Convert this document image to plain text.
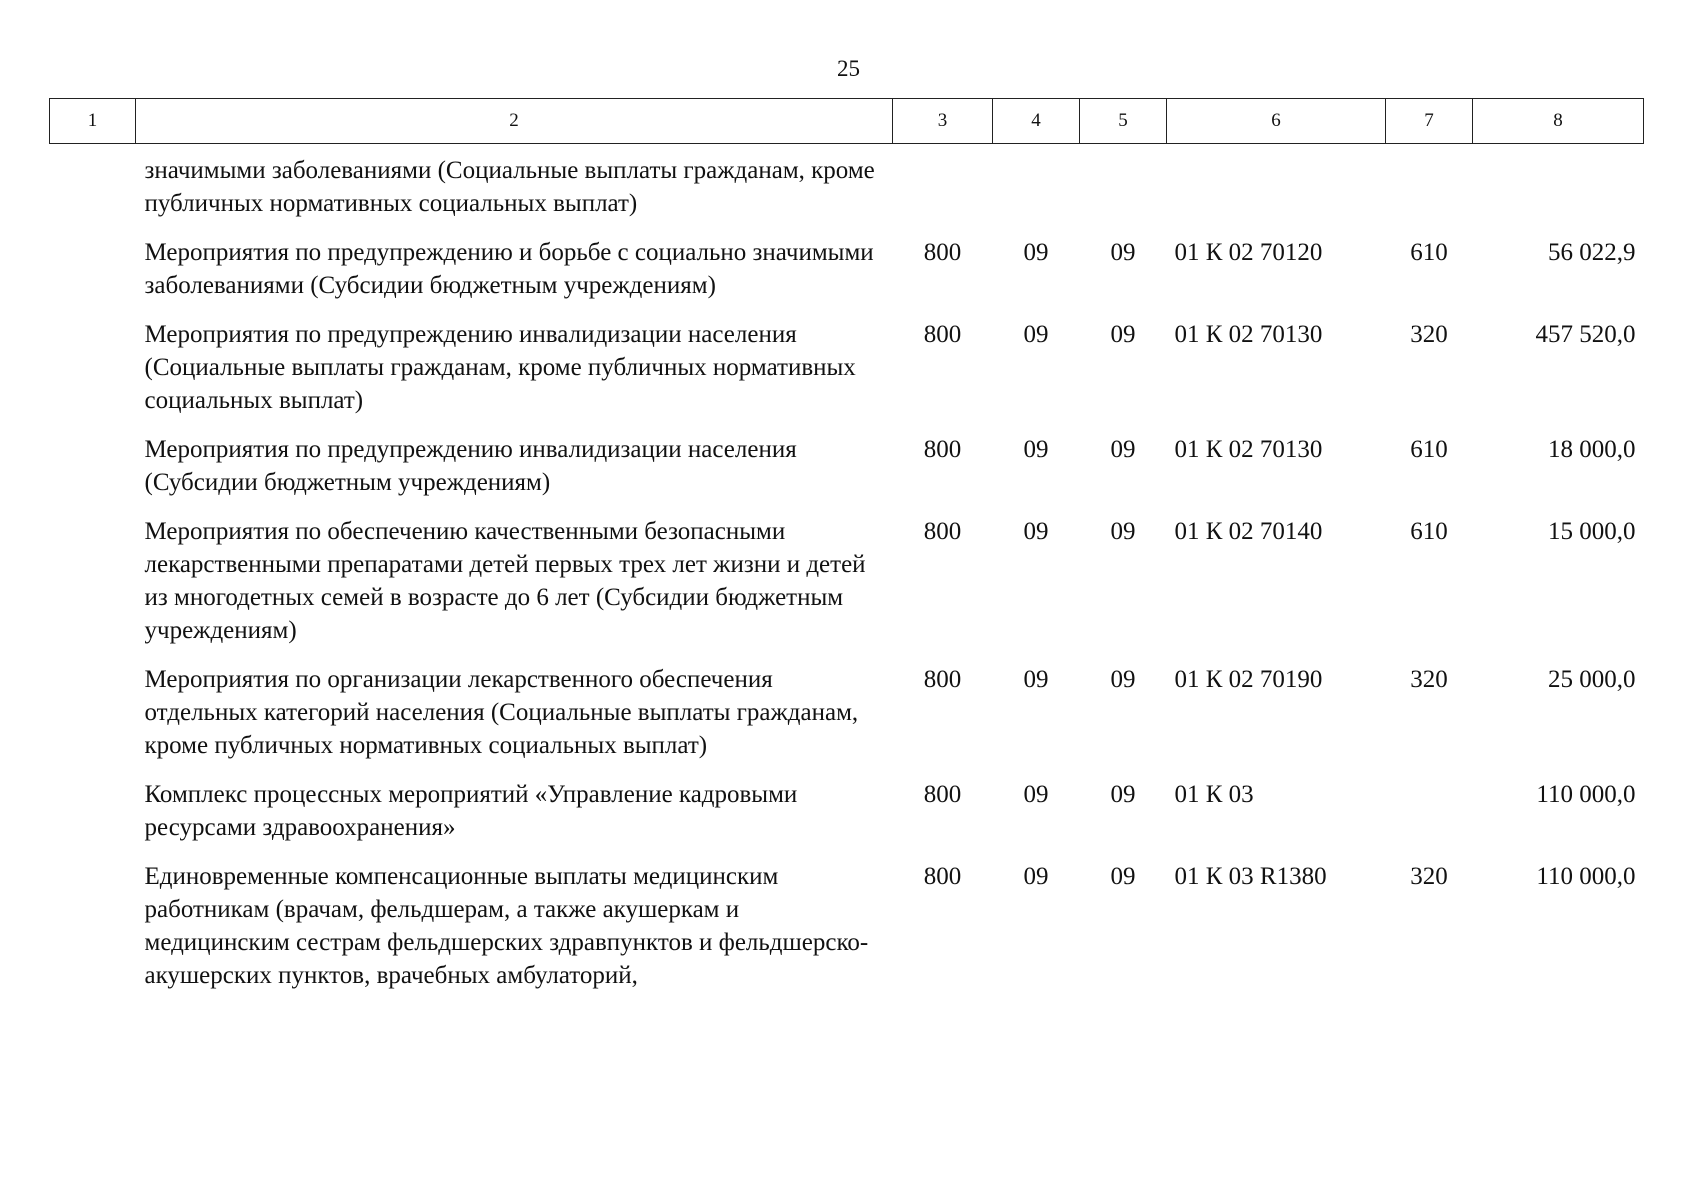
25
1	2	3	4	5	6	7	8
	значимыми заболеваниями (Социальные выплаты гражданам, кроме публичных нормативных социальных выплат)						
	Мероприятия по предупреждению и борьбе с социально значимыми заболеваниями (Субсидии бюджетным учреждениям)	800	09	09	01 К 02 70120	610	56 022,9
	Мероприятия по предупреждению инвалидизации населения (Социальные выплаты гражданам, кроме публичных нормативных социальных выплат)	800	09	09	01 К 02 70130	320	457 520,0
	Мероприятия по предупреждению инвалидизации населения (Субсидии бюджетным учреждениям)	800	09	09	01 К 02 70130	610	18 000,0
	Мероприятия по обеспечению качественными безопасными лекарственными препаратами детей первых трех лет жизни и детей из многодетных семей в возрасте до 6 лет (Субсидии бюджетным учреждениям)	800	09	09	01 К 02 70140	610	15 000,0
	Мероприятия по организации лекарственного обеспечения отдельных категорий населения (Социальные выплаты гражданам, кроме публичных нормативных социальных выплат)	800	09	09	01 К 02 70190	320	25 000,0
	Комплекс процессных мероприятий «Управление кадровыми ресурсами здравоохранения»	800	09	09	01 К 03		110 000,0
	Единовременные компенсационные выплаты медицинским работникам (врачам, фельдшерам, а также акушеркам и медицинским сестрам фельдшерских здравпунктов и фельдшерско-акушерских пунктов, врачебных амбулаторий,	800	09	09	01 К 03 R1380	320	110 000,0
